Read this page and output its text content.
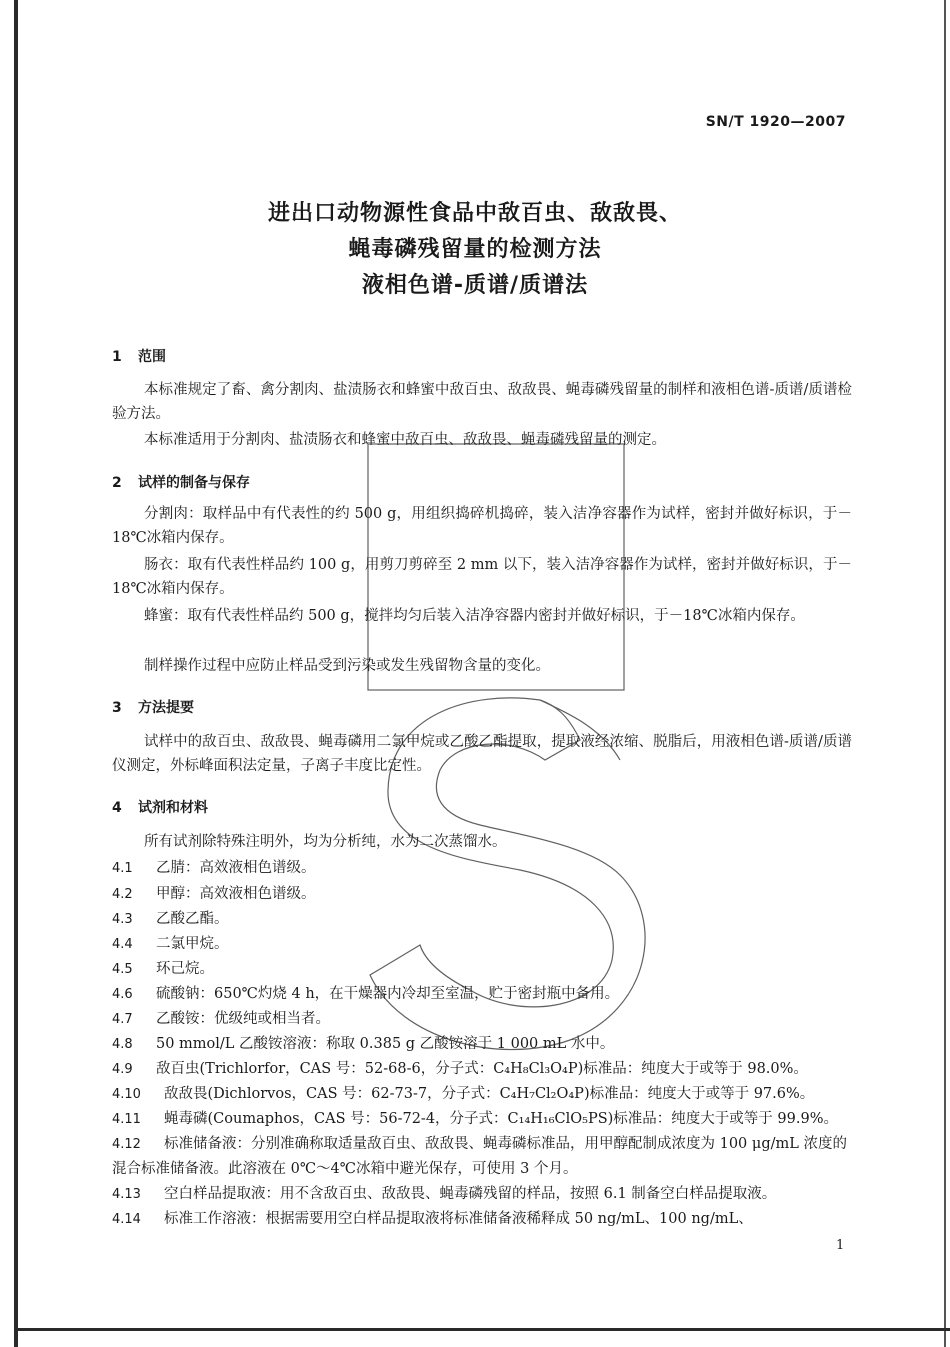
SN/T 1920—2007
进出口动物源性食品中敌百虫、敌敌畏、
蝇毒磷残留量的检测方法
液相色谱-质谱/质谱法
1 范围
本标准规定了畜、禽分割肉、盐渍肠衣和蜂蜜中敌百虫、敌敌畏、蝇毒磷残留量的制样和液相色谱-质谱/质谱检验方法。
本标准适用于分割肉、盐渍肠衣和蜂蜜中敌百虫、敌敌畏、蝇毒磷残留量的测定。
2 试样的制备与保存
分割肉：取样品中有代表性的约 500 g，用组织捣碎机捣碎，装入洁净容器作为试样，密封并做好标识，于－18℃冰箱内保存。
肠衣：取有代表性样品约 100 g，用剪刀剪碎至 2 mm 以下，装入洁净容器作为试样，密封并做好标识，于－18℃冰箱内保存。
蜂蜜：取有代表性样品约 500 g，搅拌均匀后装入洁净容器内密封并做好标识，于－18℃冰箱内保存。
制样操作过程中应防止样品受到污染或发生残留物含量的变化。
3 方法提要
试样中的敌百虫、敌敌畏、蝇毒磷用二氯甲烷或乙酸乙酯提取，提取液经浓缩、脱脂后，用液相色谱-质谱/质谱仪测定，外标峰面积法定量，子离子丰度比定性。
4 试剂和材料
所有试剂除特殊注明外，均为分析纯，水为二次蒸馏水。
4.1 乙腈：高效液相色谱级。
4.2 甲醇：高效液相色谱级。
4.3 乙酸乙酯。
4.4 二氯甲烷。
4.5 环己烷。
4.6 硫酸钠：650℃灼烧 4 h，在干燥器内冷却至室温，贮于密封瓶中备用。
4.7 乙酸铵：优级纯或相当者。
4.8 50 mmol/L 乙酸铵溶液：称取 0.385 g 乙酸铵溶于 1 000 mL 水中。
4.9 敌百虫(Trichlorfor，CAS 号：52-68-6，分子式：C₄H₈Cl₃O₄P)标准品：纯度大于或等于 98.0%。
4.10 敌敌畏(Dichlorvos，CAS 号：62-73-7，分子式：C₄H₇Cl₂O₄P)标准品：纯度大于或等于 97.6%。
4.11 蝇毒磷(Coumaphos，CAS 号：56-72-4，分子式：C₁₄H₁₆ClO₅PS)标准品：纯度大于或等于 99.9%。
4.12 标准储备液：分别准确称取适量敌百虫、敌敌畏、蝇毒磷标准品，用甲醇配制成浓度为 100 μg/mL 浓度的混合标准储备液。此溶液在 0℃～4℃冰箱中避光保存，可使用 3 个月。
4.13 空白样品提取液：用不含敌百虫、敌敌畏、蝇毒磷残留的样品，按照 6.1 制备空白样品提取液。
4.14 标准工作溶液：根据需要用空白样品提取液将标准储备液稀释成 50 ng/mL、100 ng/mL、
1
